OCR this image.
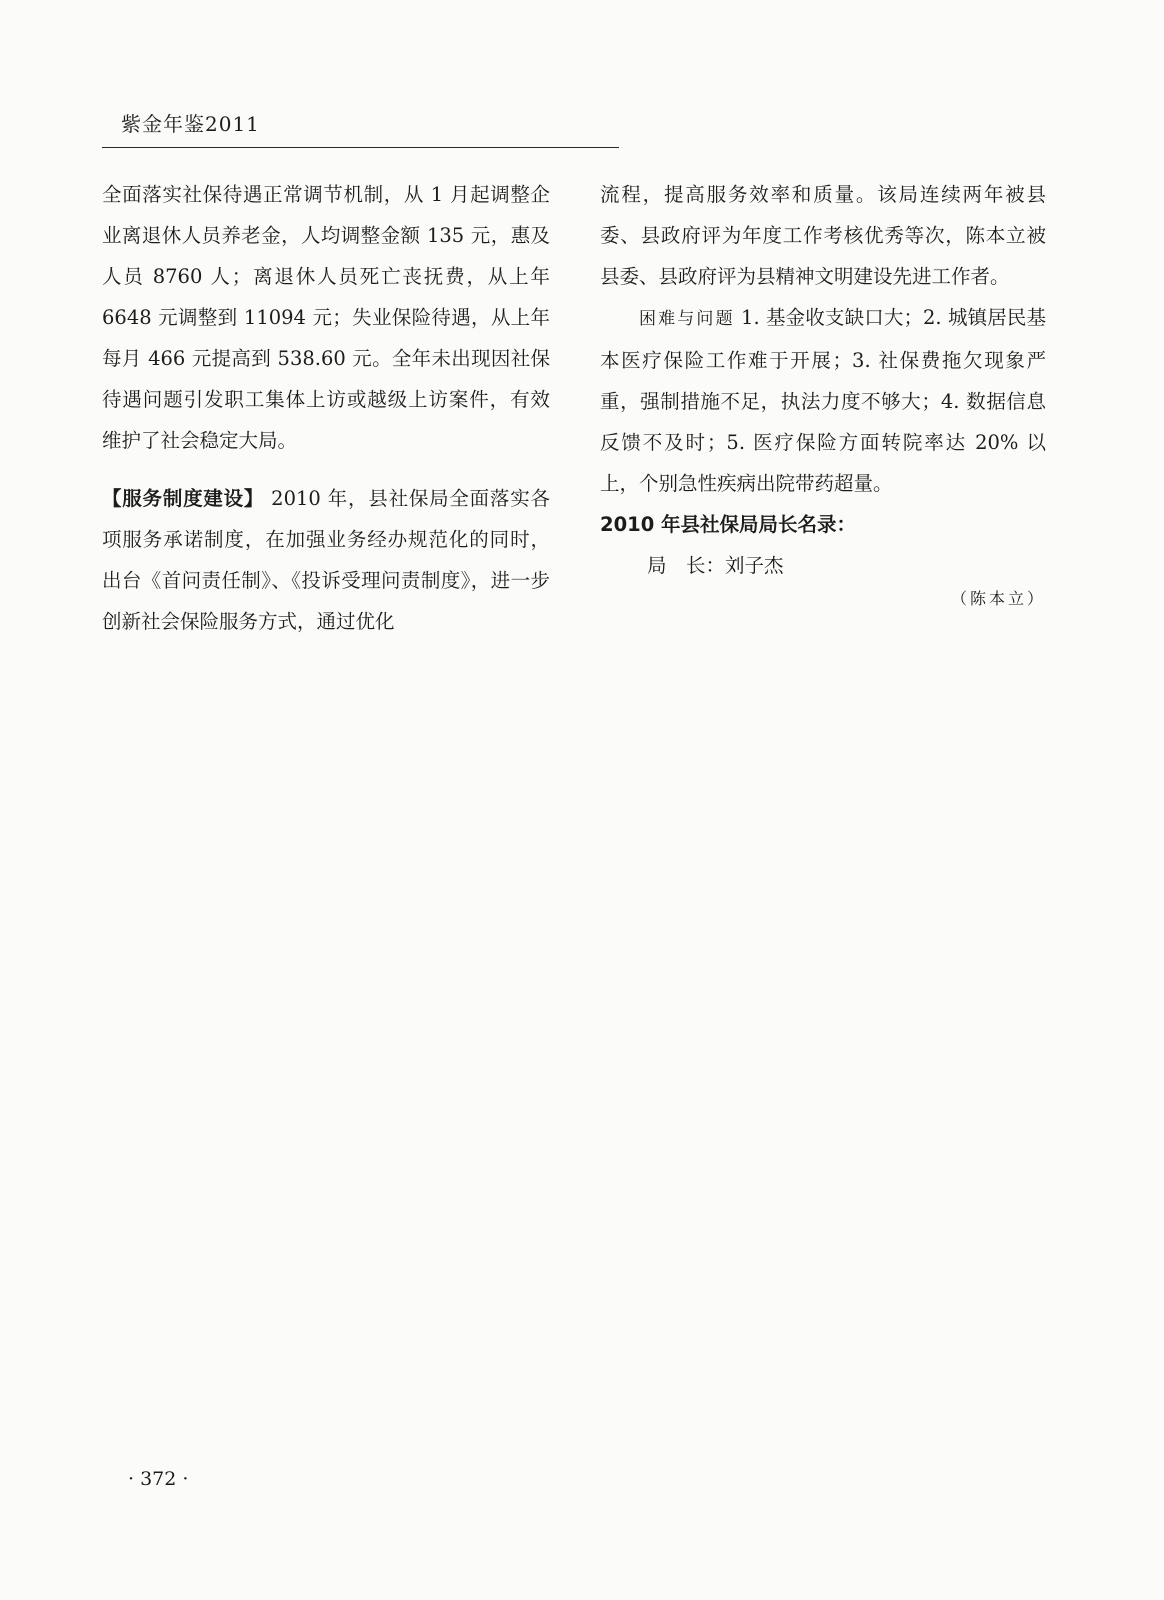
紫金年鉴2011

全面落实社保待遇正常调节机制，从 1 月起调整企业离退休人员养老金，人均调整金额 135 元，惠及人员 8760 人；离退休人员死亡丧抚费，从上年 6648 元调整到 11094 元；失业保险待遇，从上年每月 466 元提高到 538.60 元。全年未出现因社保待遇问题引发职工集体上访或越级上访案件，有效维护了社会稳定大局。

【服务制度建设】 2010 年，县社保局全面落实各项服务承诺制度，在加强业务经办规范化的同时，出台《首问责任制》、《投诉受理问责制度》，进一步创新社会保险服务方式，通过优化

流程，提高服务效率和质量。该局连续两年被县委、县政府评为年度工作考核优秀等次，陈本立被县委、县政府评为县精神文明建设先进工作者。

困难与问题 1. 基金收支缺口大；2. 城镇居民基本医疗保险工作难于开展；3. 社保费拖欠现象严重，强制措施不足，执法力度不够大；4. 数据信息反馈不及时；5. 医疗保险方面转院率达 20% 以上，个别急性疾病出院带药超量。

2010 年县社保局局长名录：

局　长：刘子杰

（陈本立）

· 372 ·
